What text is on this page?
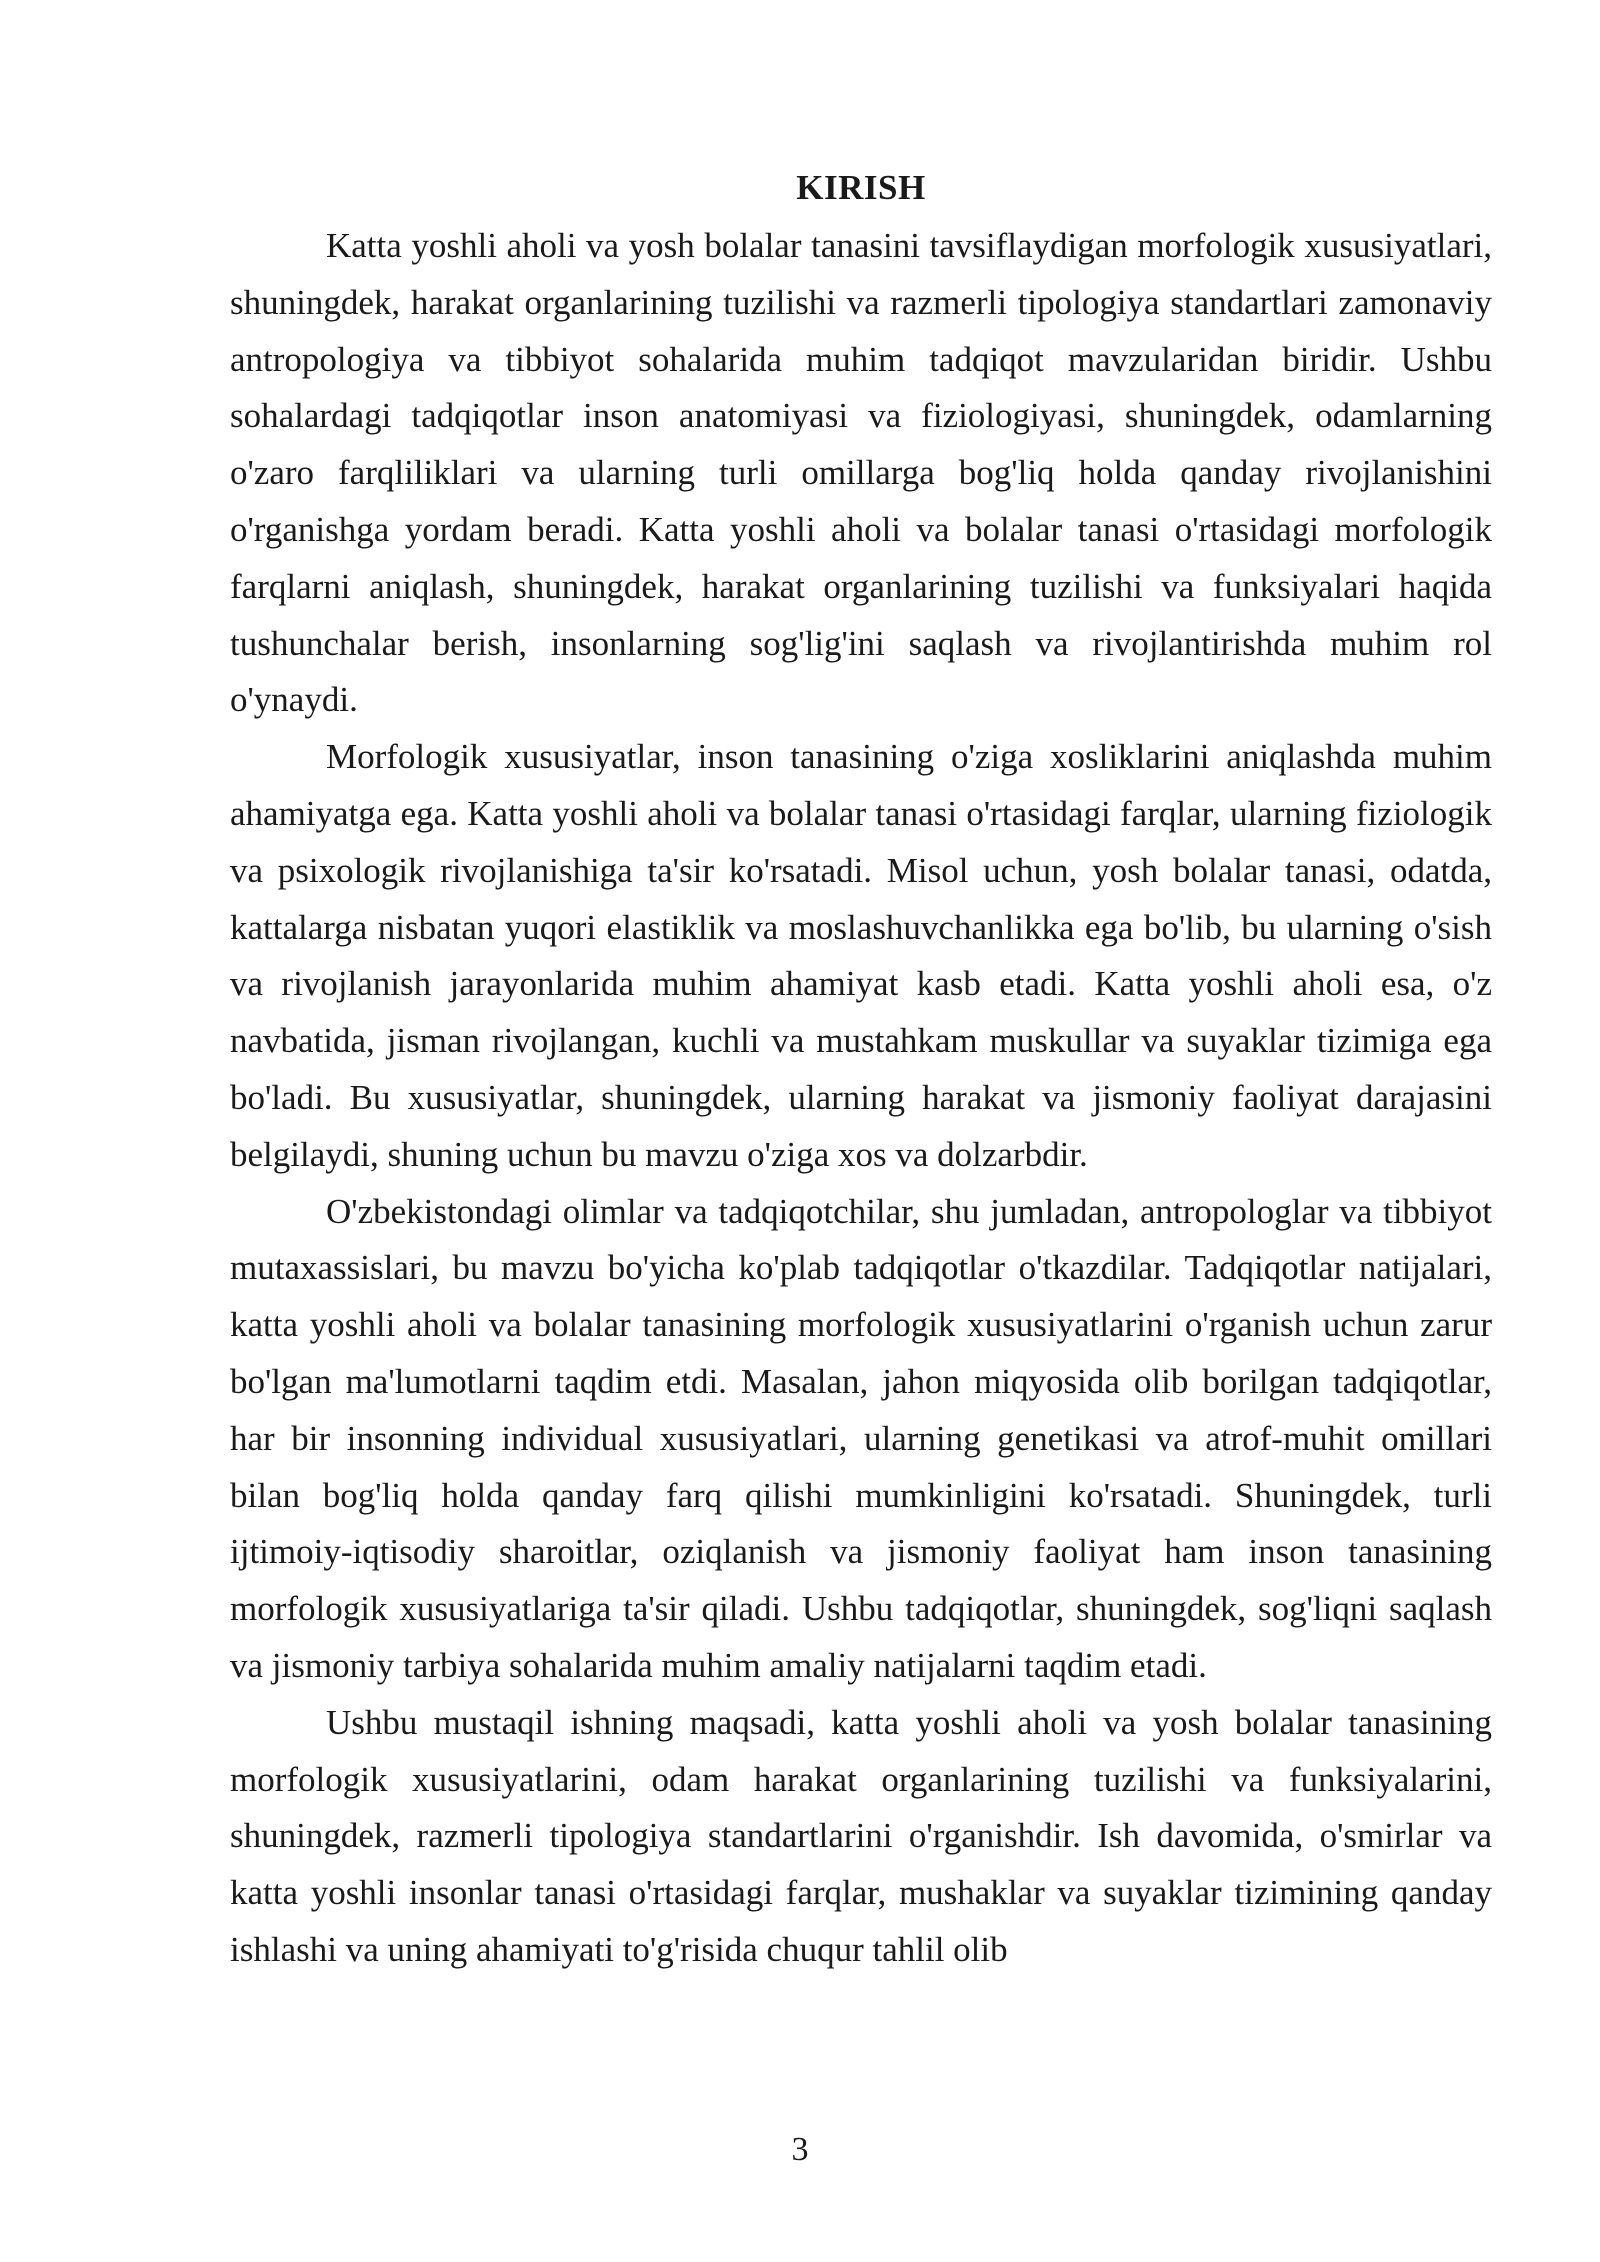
KIRISH

Katta yoshli aholi va yosh bolalar tanasini tavsiflaydigan morfologik xususiyatlari, shuningdek, harakat organlarining tuzilishi va razmerli tipologiya standartlari zamonaviy antropologiya va tibbiyot sohalarida muhim tadqiqot mavzularidan biridir. Ushbu sohalardagi tadqiqotlar inson anatomiyasi va fiziologiyasi, shuningdek, odamlarning o'zaro farqliliklari va ularning turli omillarga bog'liq holda qanday rivojlanishini o'rganishga yordam beradi. Katta yoshli aholi va bolalar tanasi o'rtasidagi morfologik farqlarni aniqlash, shuningdek, harakat organlarining tuzilishi va funksiyalari haqida tushunchalar berish, insonlarning sog'lig'ini saqlash va rivojlantirishda muhim rol o'ynaydi.

Morfologik xususiyatlar, inson tanasining o'ziga xosliklarini aniqlashda muhim ahamiyatga ega. Katta yoshli aholi va bolalar tanasi o'rtasidagi farqlar, ularning fiziologik va psixologik rivojlanishiga ta'sir ko'rsatadi. Misol uchun, yosh bolalar tanasi, odatda, kattalarga nisbatan yuqori elastiklik va moslashuvchanlikka ega bo'lib, bu ularning o'sish va rivojlanish jarayonlarida muhim ahamiyat kasb etadi. Katta yoshli aholi esa, o'z navbatida, jisman rivojlangan, kuchli va mustahkam muskullar va suyaklar tizimiga ega bo'ladi. Bu xususiyatlar, shuningdek, ularning harakat va jismoniy faoliyat darajasini belgilaydi, shuning uchun bu mavzu o'ziga xos va dolzarbdir.

O'zbekistondagi olimlar va tadqiqotchilar, shu jumladan, antropologlar va tibbiyot mutaxassislari, bu mavzu bo'yicha ko'plab tadqiqotlar o'tkazdilar. Tadqiqotlar natijalari, katta yoshli aholi va bolalar tanasining morfologik xususiyatlarini o'rganish uchun zarur bo'lgan ma'lumotlarni taqdim etdi. Masalan, jahon miqyosida olib borilgan tadqiqotlar, har bir insonning individual xususiyatlari, ularning genetikasi va atrof-muhit omillari bilan bog'liq holda qanday farq qilishi mumkinligini ko'rsatadi. Shuningdek, turli ijtimoiy-iqtisodiy sharoitlar, oziqlanish va jismoniy faoliyat ham inson tanasining morfologik xususiyatlariga ta'sir qiladi. Ushbu tadqiqotlar, shuningdek, sog'liqni saqlash va jismoniy tarbiya sohalarida muhim amaliy natijalarni taqdim etadi.

Ushbu mustaqil ishning maqsadi, katta yoshli aholi va yosh bolalar tanasining morfologik xususiyatlarini, odam harakat organlarining tuzilishi va funksiyalarini, shuningdek, razmerli tipologiya standartlarini o'rganishdir. Ish davomida, o'smirlar va katta yoshli insonlar tanasi o'rtasidagi farqlar, mushaklar va suyaklar tizimining qanday ishlashi va uning ahamiyati to'g'risida chuqur tahlil olib

3
